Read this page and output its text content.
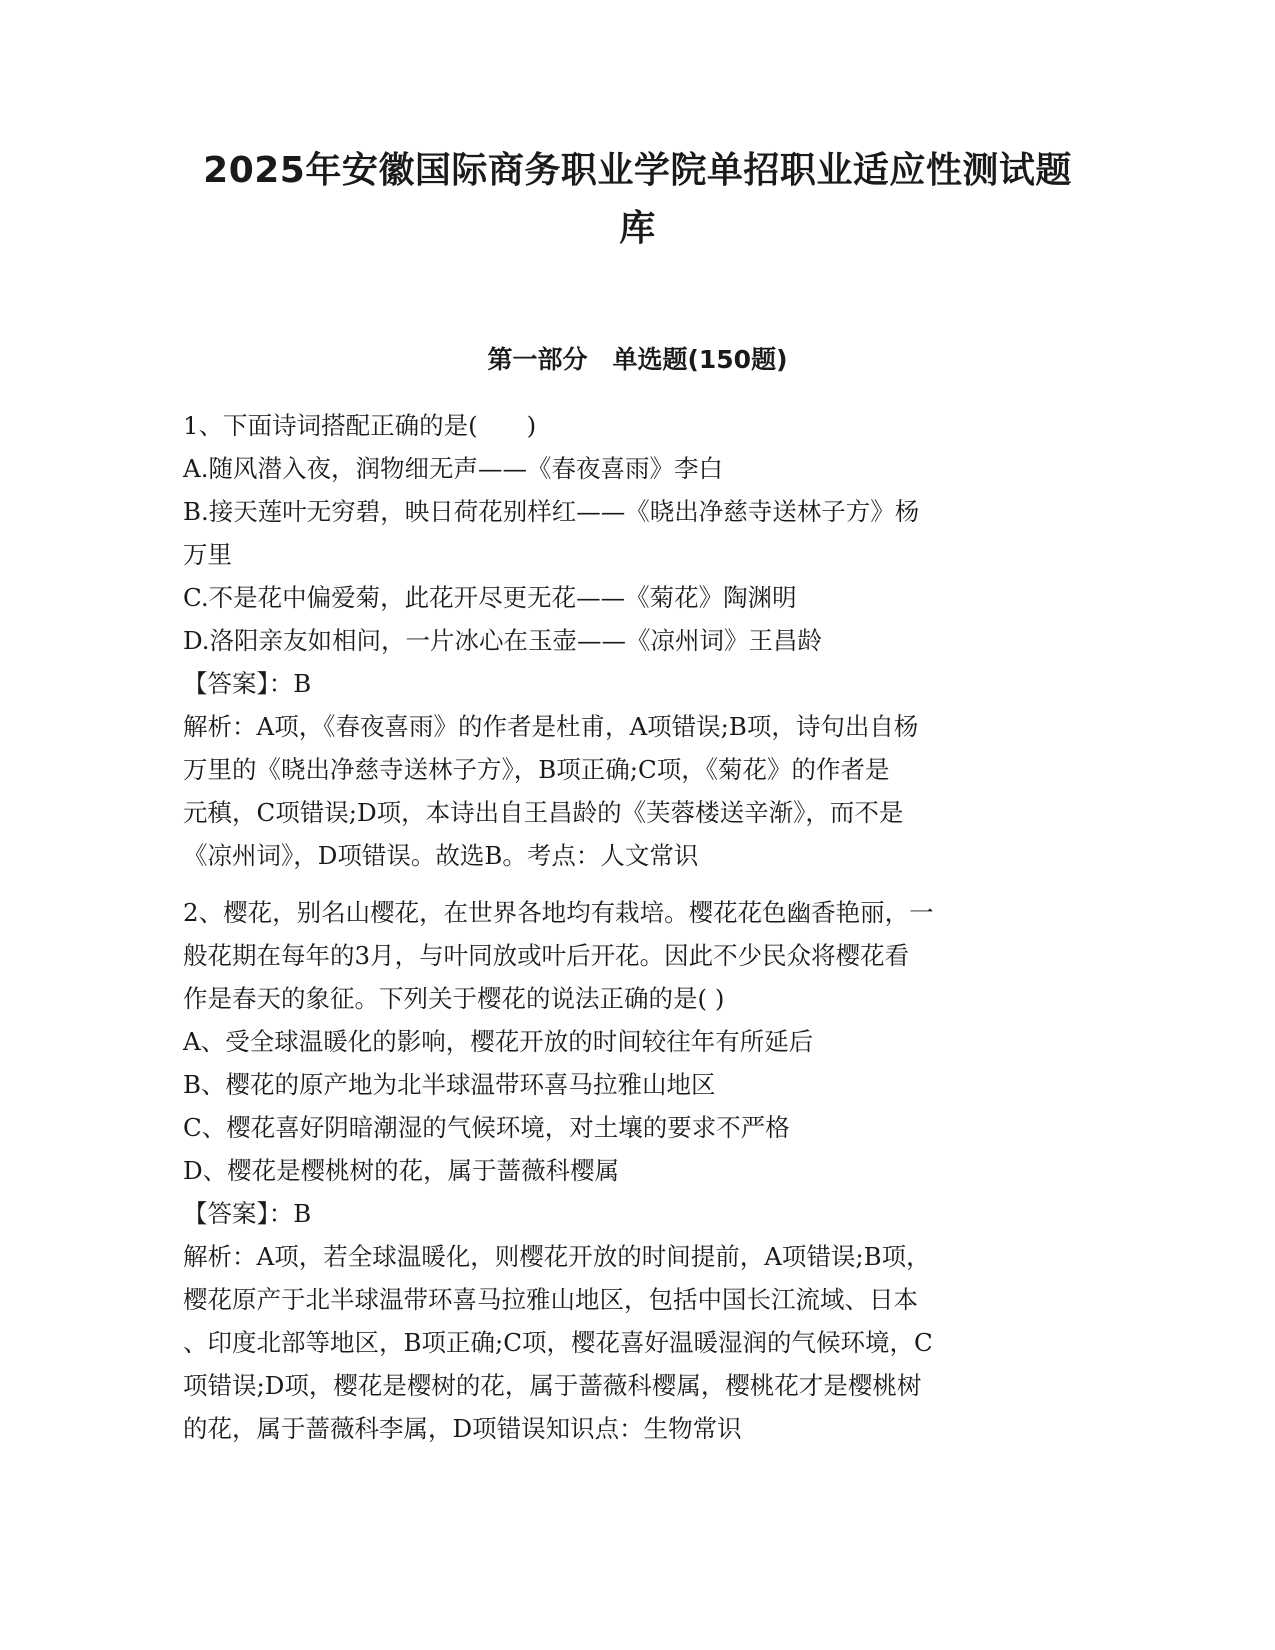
2025年安徽国际商务职业学院单招职业适应性测试题
库
第一部分　单选题(150题)

1、下面诗词搭配正确的是(　　)

A.随风潜入夜，润物细无声——《春夜喜雨》李白

B.接天莲叶无穷碧，映日荷花别样红——《晓出净慈寺送林子方》杨

万里

C.不是花中偏爱菊，此花开尽更无花——《菊花》陶渊明

D.洛阳亲友如相问，一片冰心在玉壶——《凉州词》王昌龄

【答案】：B

解析：A项，《春夜喜雨》的作者是杜甫，A项错误;B项，诗句出自杨

万里的《晓出净慈寺送林子方》，B项正确;C项，《菊花》的作者是

元稹，C项错误;D项，本诗出自王昌龄的《芙蓉楼送辛渐》，而不是

《凉州词》，D项错误。故选B。考点：人文常识

2、樱花，别名山樱花，在世界各地均有栽培。樱花花色幽香艳丽，一

般花期在每年的3月，与叶同放或叶后开花。因此不少民众将樱花看

作是春天的象征。下列关于樱花的说法正确的是( )

A、受全球温暖化的影响，樱花开放的时间较往年有所延后

B、樱花的原产地为北半球温带环喜马拉雅山地区

C、樱花喜好阴暗潮湿的气候环境，对土壤的要求不严格

D、樱花是樱桃树的花，属于蔷薇科樱属

【答案】：B

解析：A项，若全球温暖化，则樱花开放的时间提前，A项错误;B项，

樱花原产于北半球温带环喜马拉雅山地区，包括中国长江流域、日本

、印度北部等地区，B项正确;C项，樱花喜好温暖湿润的气候环境，C

项错误;D项，樱花是樱树的花，属于蔷薇科樱属，樱桃花才是樱桃树

的花，属于蔷薇科李属，D项错误知识点：生物常识
